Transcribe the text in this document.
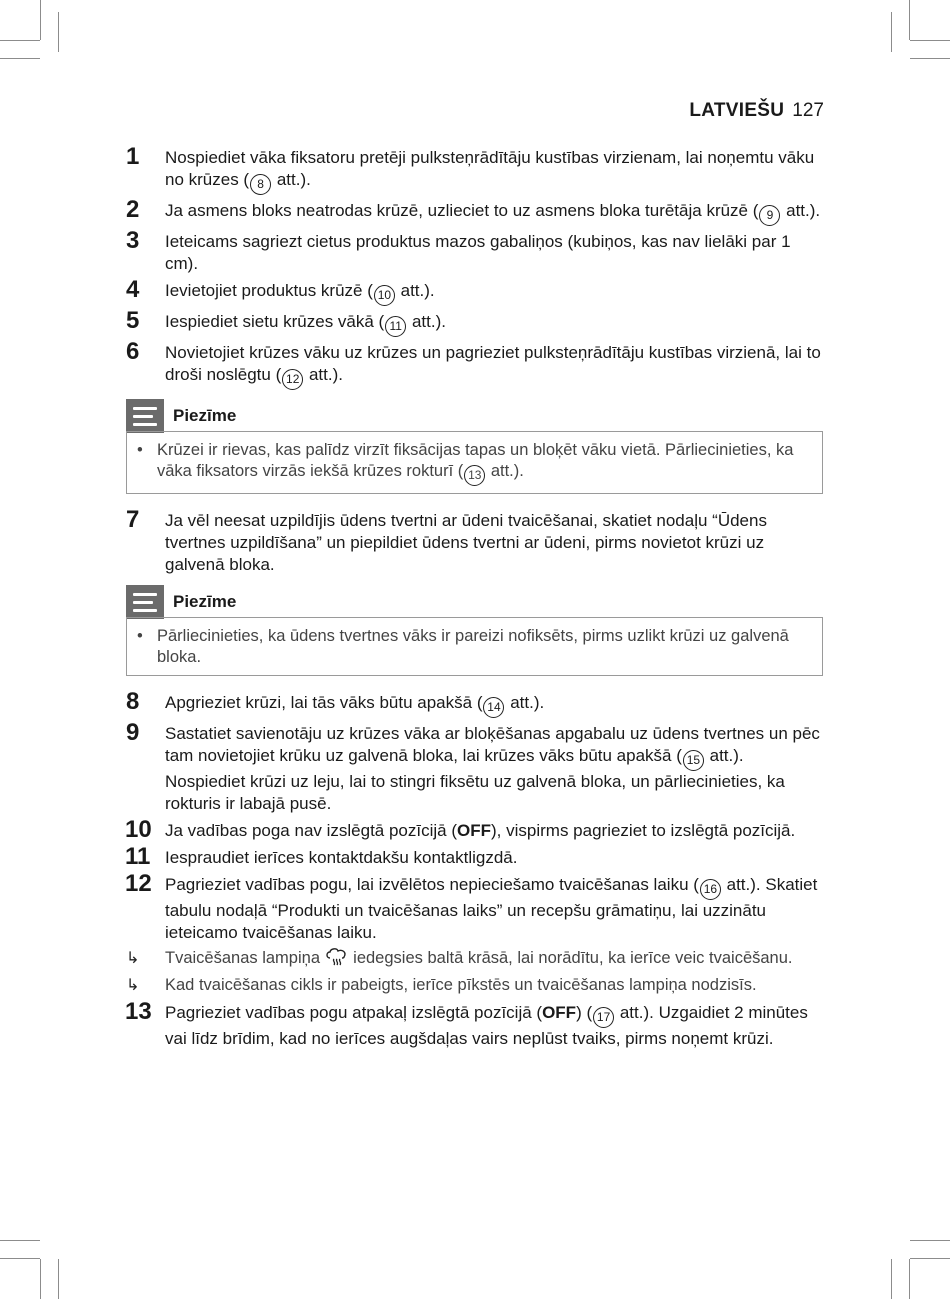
LATVIEŠU 127
1 Nospiediet vāka fiksatoru pretēji pulksteņrādītāju kustības virzienam, lai noņemtu vāku no krūzes ( 8 att.).
2 Ja asmens bloks neatrodas krūzē, uzlieciet to uz asmens bloka turētāja krūzē ( 9 att.).
3 Ieteicams sagriezt cietus produktus mazos gabaliņos (kubiņos, kas nav lielāki par 1 cm).
4 Ievietojiet produktus krūzē ( 10 att.).
5 Iespiediet sietu krūzes vākā ( 11 att.).
6 Novietojiet krūzes vāku uz krūzes un pagrieziet pulksteņrādītāju kustības virzienā, lai to droši noslēgtu ( 12 att.).
Piezīme
• Krūzei ir rievas, kas palīdz virzīt fiksācijas tapas un bloķēt vāku vietā. Pārliecinieties, ka vāka fiksators virzās iekšā krūzes rokturī ( 13 att.).
7 Ja vēl neesat uzpildījis ūdens tvertni ar ūdeni tvaicēšanai, skatiet nodaļu “Ūdens tvertnes uzpildīšana” un piepildiet ūdens tvertni ar ūdeni, pirms novietot krūzi uz galvenā bloka.
Piezīme
• Pārliecinieties, ka ūdens tvertnes vāks ir pareizi nofiksēts, pirms uzlikt krūzi uz galvenā bloka.
8 Apgrieziet krūzi, lai tās vāks būtu apakšā ( 14 att.).
9 Sastatiet savienotāju uz krūzes vāka ar bloķēšanas apgabalu uz ūdens tvertnes un pēc tam novietojiet krūku uz galvenā bloka, lai krūzes vāks būtu apakšā ( 15 att.). Nospiediet krūzi uz leju, lai to stingri fiksētu uz galvenā bloka, un pārliecinieties, ka rokturis ir labajā pusē.
10 Ja vadības poga nav izslēgtā pozīcijā (OFF), vispirms pagrieziet to izslēgtā pozīcijā.
11 Iespraudiet ierīces kontaktdakšu kontaktligzdā.
12 Pagrieziet vadības pogu, lai izvēlētos nepieciešamo tvaicēšanas laiku ( 16 att.). Skatiet tabulu nodaļā “Produkti un tvaicēšanas laiks” un recepšu grāmatiņu, lai uzzinātu ieteicamo tvaicēšanas laiku.
↳ Tvaicēšanas lampiņa  iedegsies baltā krāsā, lai norādītu, ka ierīce veic tvaicēšanu.
↳ Kad tvaicēšanas cikls ir pabeigts, ierīce pīkstēs un tvaicēšanas lampiņa nodzisīs.
13 Pagrieziet vadības pogu atpakaļ izslēgtā pozīcijā (OFF) ( 17 att.). Uzgaidiet 2 minūtes vai līdz brīdim, kad no ierīces augšdaļas vairs neplūst tvaiks, pirms noņemt krūzi.
